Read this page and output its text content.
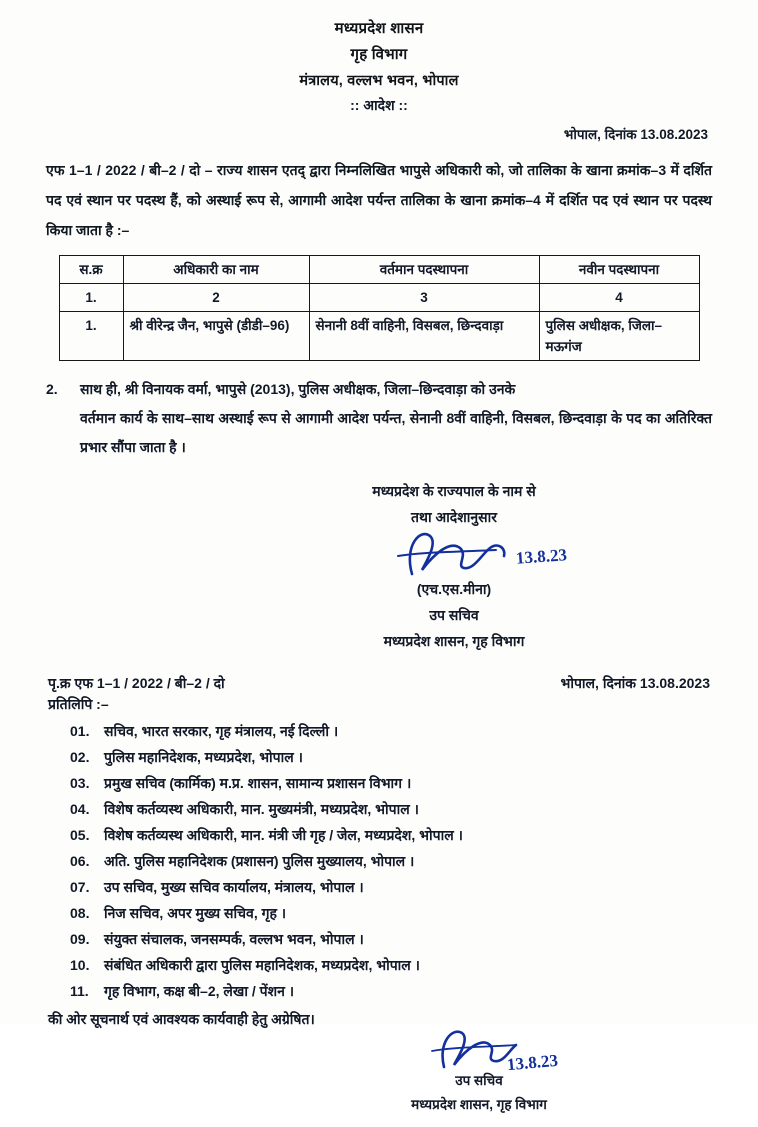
मध्यप्रदेश शासन
गृह विभाग
मंत्रालय, वल्लभ भवन, भोपाल
:: आदेश ::
भोपाल, दिनांक 13.08.2023
एफ 1–1 / 2022 / बी–2 / दो – राज्य शासन एतद् द्वारा निम्नलिखित भापुसे अधिकारी को, जो तालिका के खाना क्रमांक–3 में दर्शित पद एवं स्थान पर पदस्थ हैं, को अस्थाई रूप से, आगामी आदेश पर्यन्त तालिका के खाना क्रमांक–4 में दर्शित पद एवं स्थान पर पदस्थ किया जाता है :–
स.क्र	अधिकारी का नाम	वर्तमान पदस्थापना	नवीन पदस्थापना
1.	2	3	4
1.	श्री वीरेन्द्र जैन, भापुसे (डीडी–96)	सेनानी 8वीं वाहिनी, विसबल, छिन्दवाड़ा	पुलिस अधीक्षक, जिला–मऊगंज
2. साथ ही, श्री विनायक वर्मा, भापुसे (2013), पुलिस अधीक्षक, जिला–छिन्दवाड़ा को उनके
वर्तमान कार्य के साथ–साथ अस्थाई रूप से आगामी आदेश पर्यन्त, सेनानी 8वीं वाहिनी, विसबल, छिन्दवाड़ा के पद का अतिरिक्त प्रभार सौंपा जाता है ।
मध्यप्रदेश के राज्यपाल के नाम से
तथा आदेशानुसार
13.8.23
(एच.एस.मीना)
उप सचिव
मध्यप्रदेश शासन, गृह विभाग
पृ.क्र एफ 1–1 / 2022 / बी–2 / दो	भोपाल, दिनांक 13.08.2023
प्रतिलिपि :–
01.	सचिव, भारत सरकार, गृह मंत्रालय, नई दिल्ली ।
02.	पुलिस महानिदेशक, मध्यप्रदेश, भोपाल ।
03.	प्रमुख सचिव (कार्मिक) म.प्र. शासन, सामान्य प्रशासन विभाग ।
04.	विशेष कर्तव्यस्थ अधिकारी, मान. मुख्यमंत्री, मध्यप्रदेश, भोपाल ।
05.	विशेष कर्तव्यस्थ अधिकारी, मान. मंत्री जी गृह / जेल, मध्यप्रदेश, भोपाल ।
06.	अति. पुलिस महानिदेशक (प्रशासन) पुलिस मुख्यालय, भोपाल ।
07.	उप सचिव, मुख्य सचिव कार्यालय, मंत्रालय, भोपाल ।
08.	निज सचिव, अपर मुख्य सचिव, गृह ।
09.	संयुक्त संचालक, जनसम्पर्क, वल्लभ भवन, भोपाल ।
10.	संबंधित अधिकारी द्वारा पुलिस महानिदेशक, मध्यप्रदेश, भोपाल ।
11.	गृह विभाग, कक्ष बी–2, लेखा / पेंशन ।
की ओर सूचनार्थ एवं आवश्यक कार्यवाही हेतु अग्रेषित।
13.8.23
उप सचिव
मध्यप्रदेश शासन, गृह विभाग
